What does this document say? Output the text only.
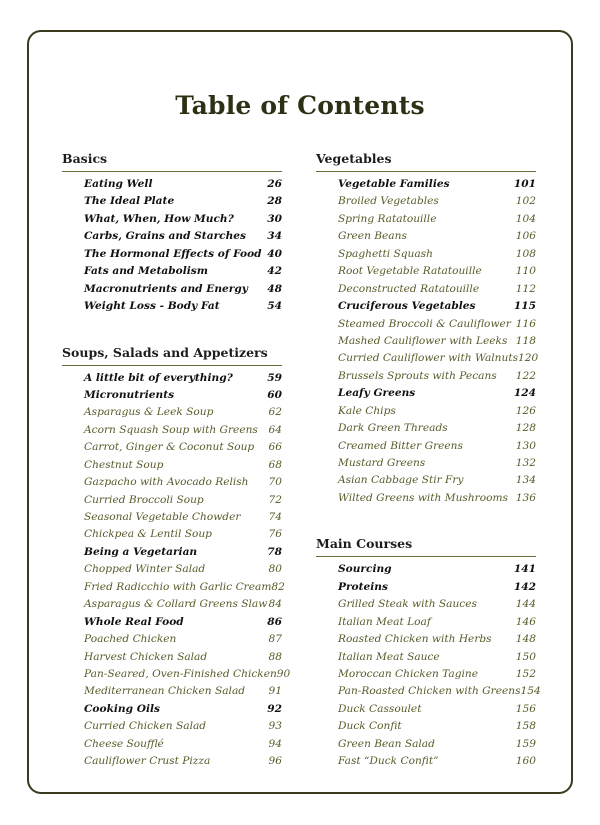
Table of Contents
Basics
Eating Well	26
The Ideal Plate	28
What, When, How Much?	30
Carbs, Grains and Starches 34
The Hormonal Effects of Food 40
Fats and Metabolism	42
Macronutrients and Energy 48
Weight Loss - Body Fat	54
Soups, Salads and Appetizers
A little bit of everything?	59
Micronutrients	60
Asparagus & Leek Soup	62
Acorn Squash Soup with Greens 64
Carrot, Ginger & Coconut Soup 66
Chestnut Soup	68
Gazpacho with Avocado Relish 70
Curried Broccoli Soup	72
Seasonal Vegetable Chowder	74
Chickpea & Lentil Soup	76
Being a Vegetarian	78
Chopped Winter Salad	80
Fried Radicchio with Garlic Cream 82
Asparagus & Collard Greens Slaw 84
Whole Real Food	86
Poached Chicken	87
Harvest Chicken Salad	88
Pan-Seared, Oven-Finished Chicken 90
Mediterranean Chicken Salad 91
Cooking Oils	92
Curried Chicken Salad	93
Cheese Soufflé	94
Cauliflower Crust Pizza	96
Vegetables
Vegetable Families	101
Broiled Vegetables	102
Spring Ratatouille	104
Green Beans	106
Spaghetti Squash	108
Root Vegetable Ratatouille	110
Deconstructed Ratatouille	112
Cruciferous Vegetables	115
Steamed Broccoli & Cauliflower 116
Mashed Cauliflower with Leeks 118
Curried Cauliflower with Walnuts 120
Brussels Sprouts with Pecans 122
Leafy Greens	124
Kale Chips	126
Dark Green Threads	128
Creamed Bitter Greens	130
Mustard Greens	132
Asian Cabbage Stir Fry	134
Wilted Greens with Mushrooms 136
Main Courses
Sourcing	141
Proteins	142
Grilled Steak with Sauces	144
Italian Meat Loaf	146
Roasted Chicken with Herbs 148
Italian Meat Sauce	150
Moroccan Chicken Tagine	152
Pan-Roasted Chicken with Greens 154
Duck Cassoulet	156
Duck Confit	158
Green Bean Salad	159
Fast “Duck Confit”	160
